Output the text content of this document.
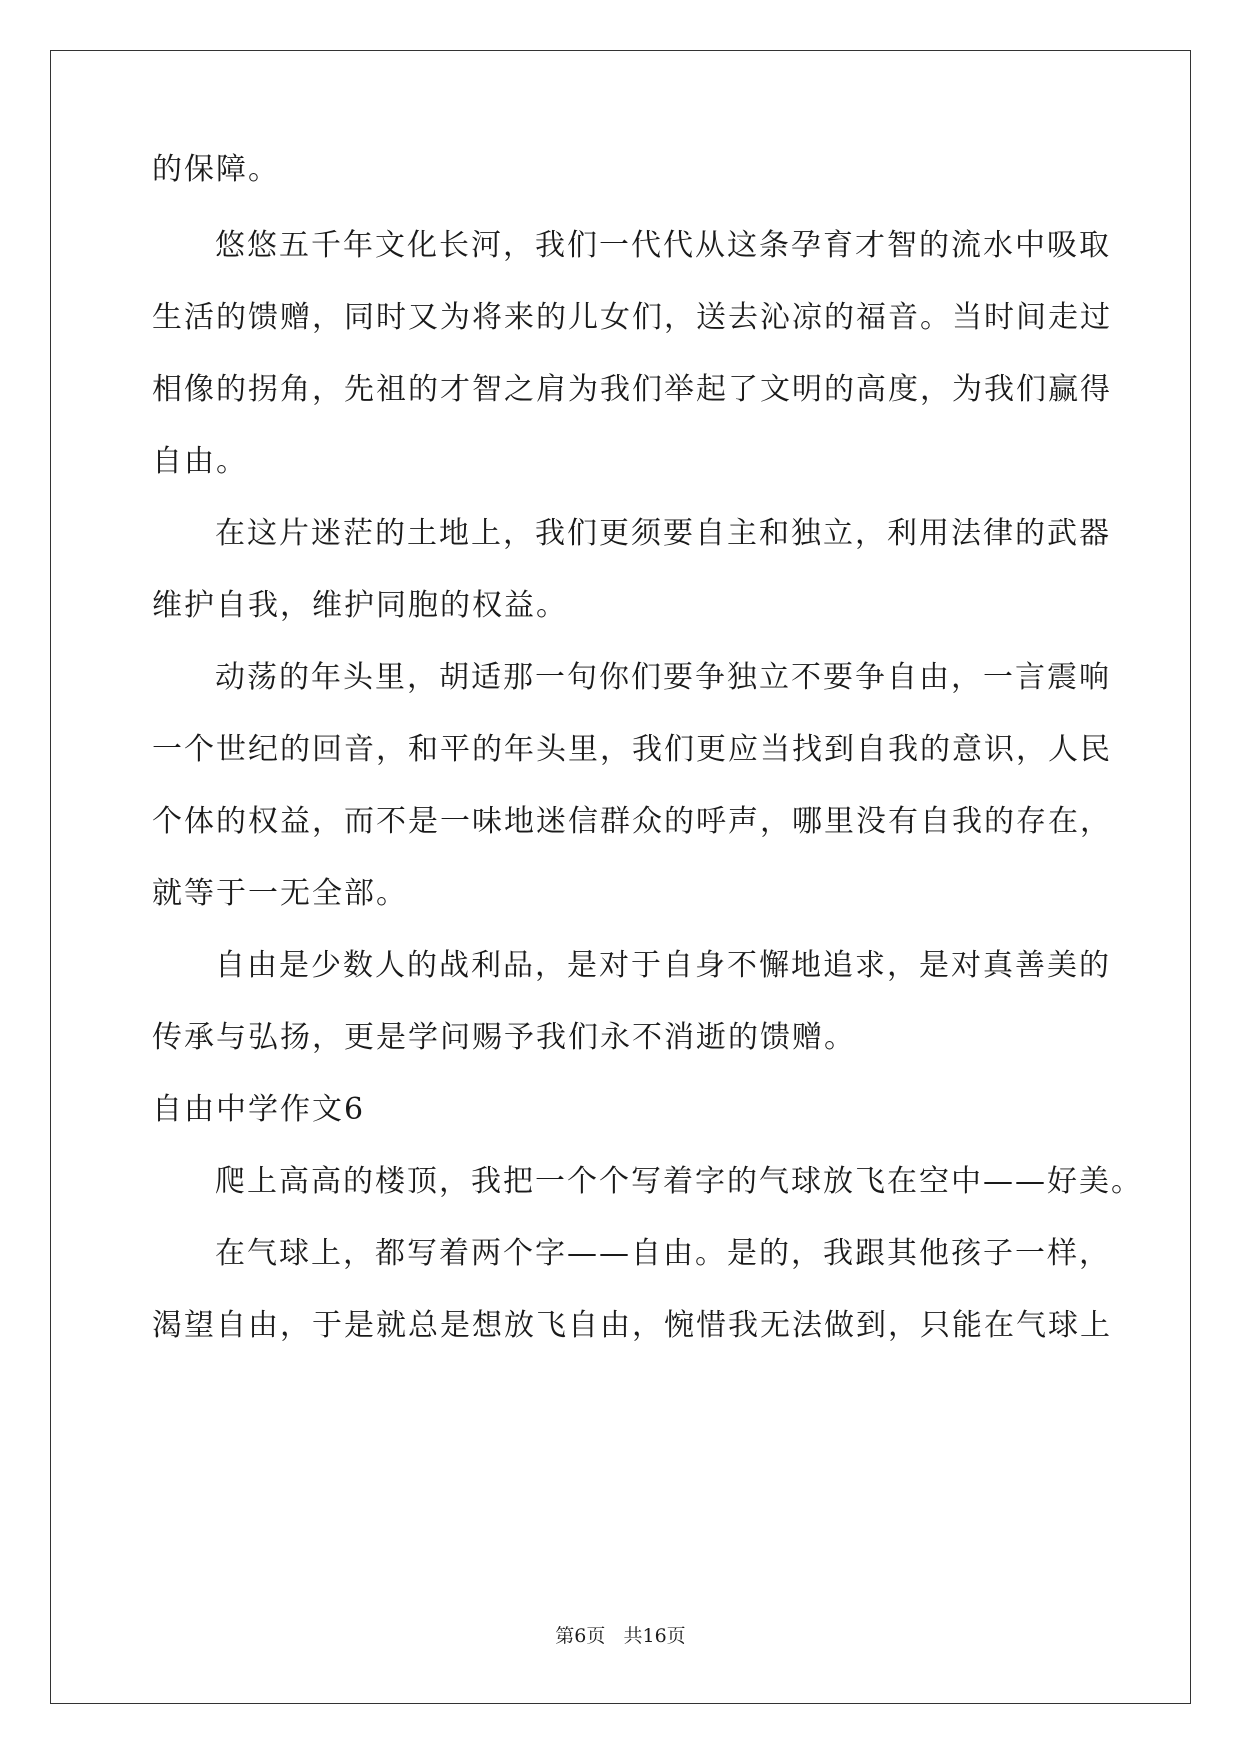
的保障。
悠悠五千年文化长河，我们一代代从这条孕育才智的流水中吸取
生活的馈赠，同时又为将来的儿女们，送去沁凉的福音。当时间走过
相像的拐角，先祖的才智之肩为我们举起了文明的高度，为我们赢得
自由。
在这片迷茫的土地上，我们更须要自主和独立，利用法律的武器
维护自我，维护同胞的权益。
动荡的年头里，胡适那一句你们要争独立不要争自由，一言震响
一个世纪的回音，和平的年头里，我们更应当找到自我的意识，人民
个体的权益，而不是一味地迷信群众的呼声，哪里没有自我的存在，
就等于一无全部。
自由是少数人的战利品，是对于自身不懈地追求，是对真善美的
传承与弘扬，更是学问赐予我们永不消逝的馈赠。
自由中学作文6
爬上高高的楼顶，我把一个个写着字的气球放飞在空中——好美。
在气球上，都写着两个字——自由。是的，我跟其他孩子一样，
渴望自由，于是就总是想放飞自由，惋惜我无法做到，只能在气球上
第6页   共16页
